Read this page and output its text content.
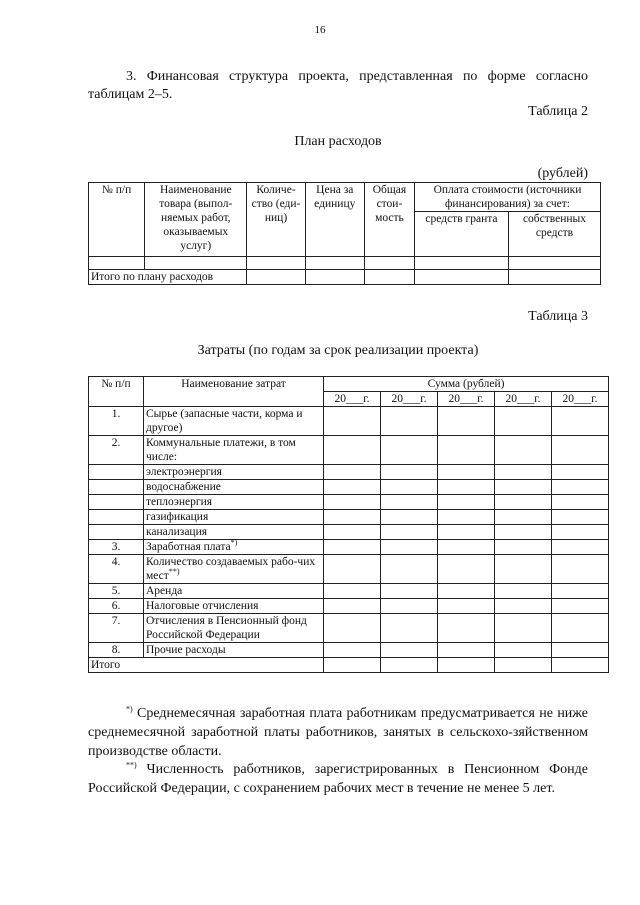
16
3. Финансовая структура проекта, представленная по форме согласно таблицам 2–5.
Таблица 2
План расходов
(рублей)
№ п/п	Наименование товара (выпол-няемых работ, оказываемых услуг)	Количе-ство (еди-ниц)	Цена за единицу	Общая стои-мость	Оплата стоимости (источники финансирования) за счет:	
					средств гранта	собственных средств

Итого по плану расходов						
Таблица 3
Затраты (по годам за срок реализации проекта)
№ п/п	Наименование затрат	Сумма (рублей)				
		20___г.	20___г.	20___г.	20___г.	20___г.
1.	Сырье (запасные части, корма и другое)					
2.	Коммунальные платежи, в том числе:					
	электроэнергия					
	водоснабжение					
	теплоэнергия					
	газификация					
	канализация					
3.	Заработная плата*)					
4.	Количество создаваемых рабо-чих мест**)					
5.	Аренда					
6.	Налоговые отчисления					
7.	Отчисления в Пенсионный фонд Российской Федерации					
8.	Прочие расходы					
Итого						
*) Среднемесячная заработная плата работникам предусматривается не ниже среднемесячной заработной платы работников, занятых в сельскохо-зяйственном производстве области.
**) Численность работников, зарегистрированных в Пенсионном Фонде Российской Федерации, с сохранением рабочих мест в течение не менее 5 лет.
